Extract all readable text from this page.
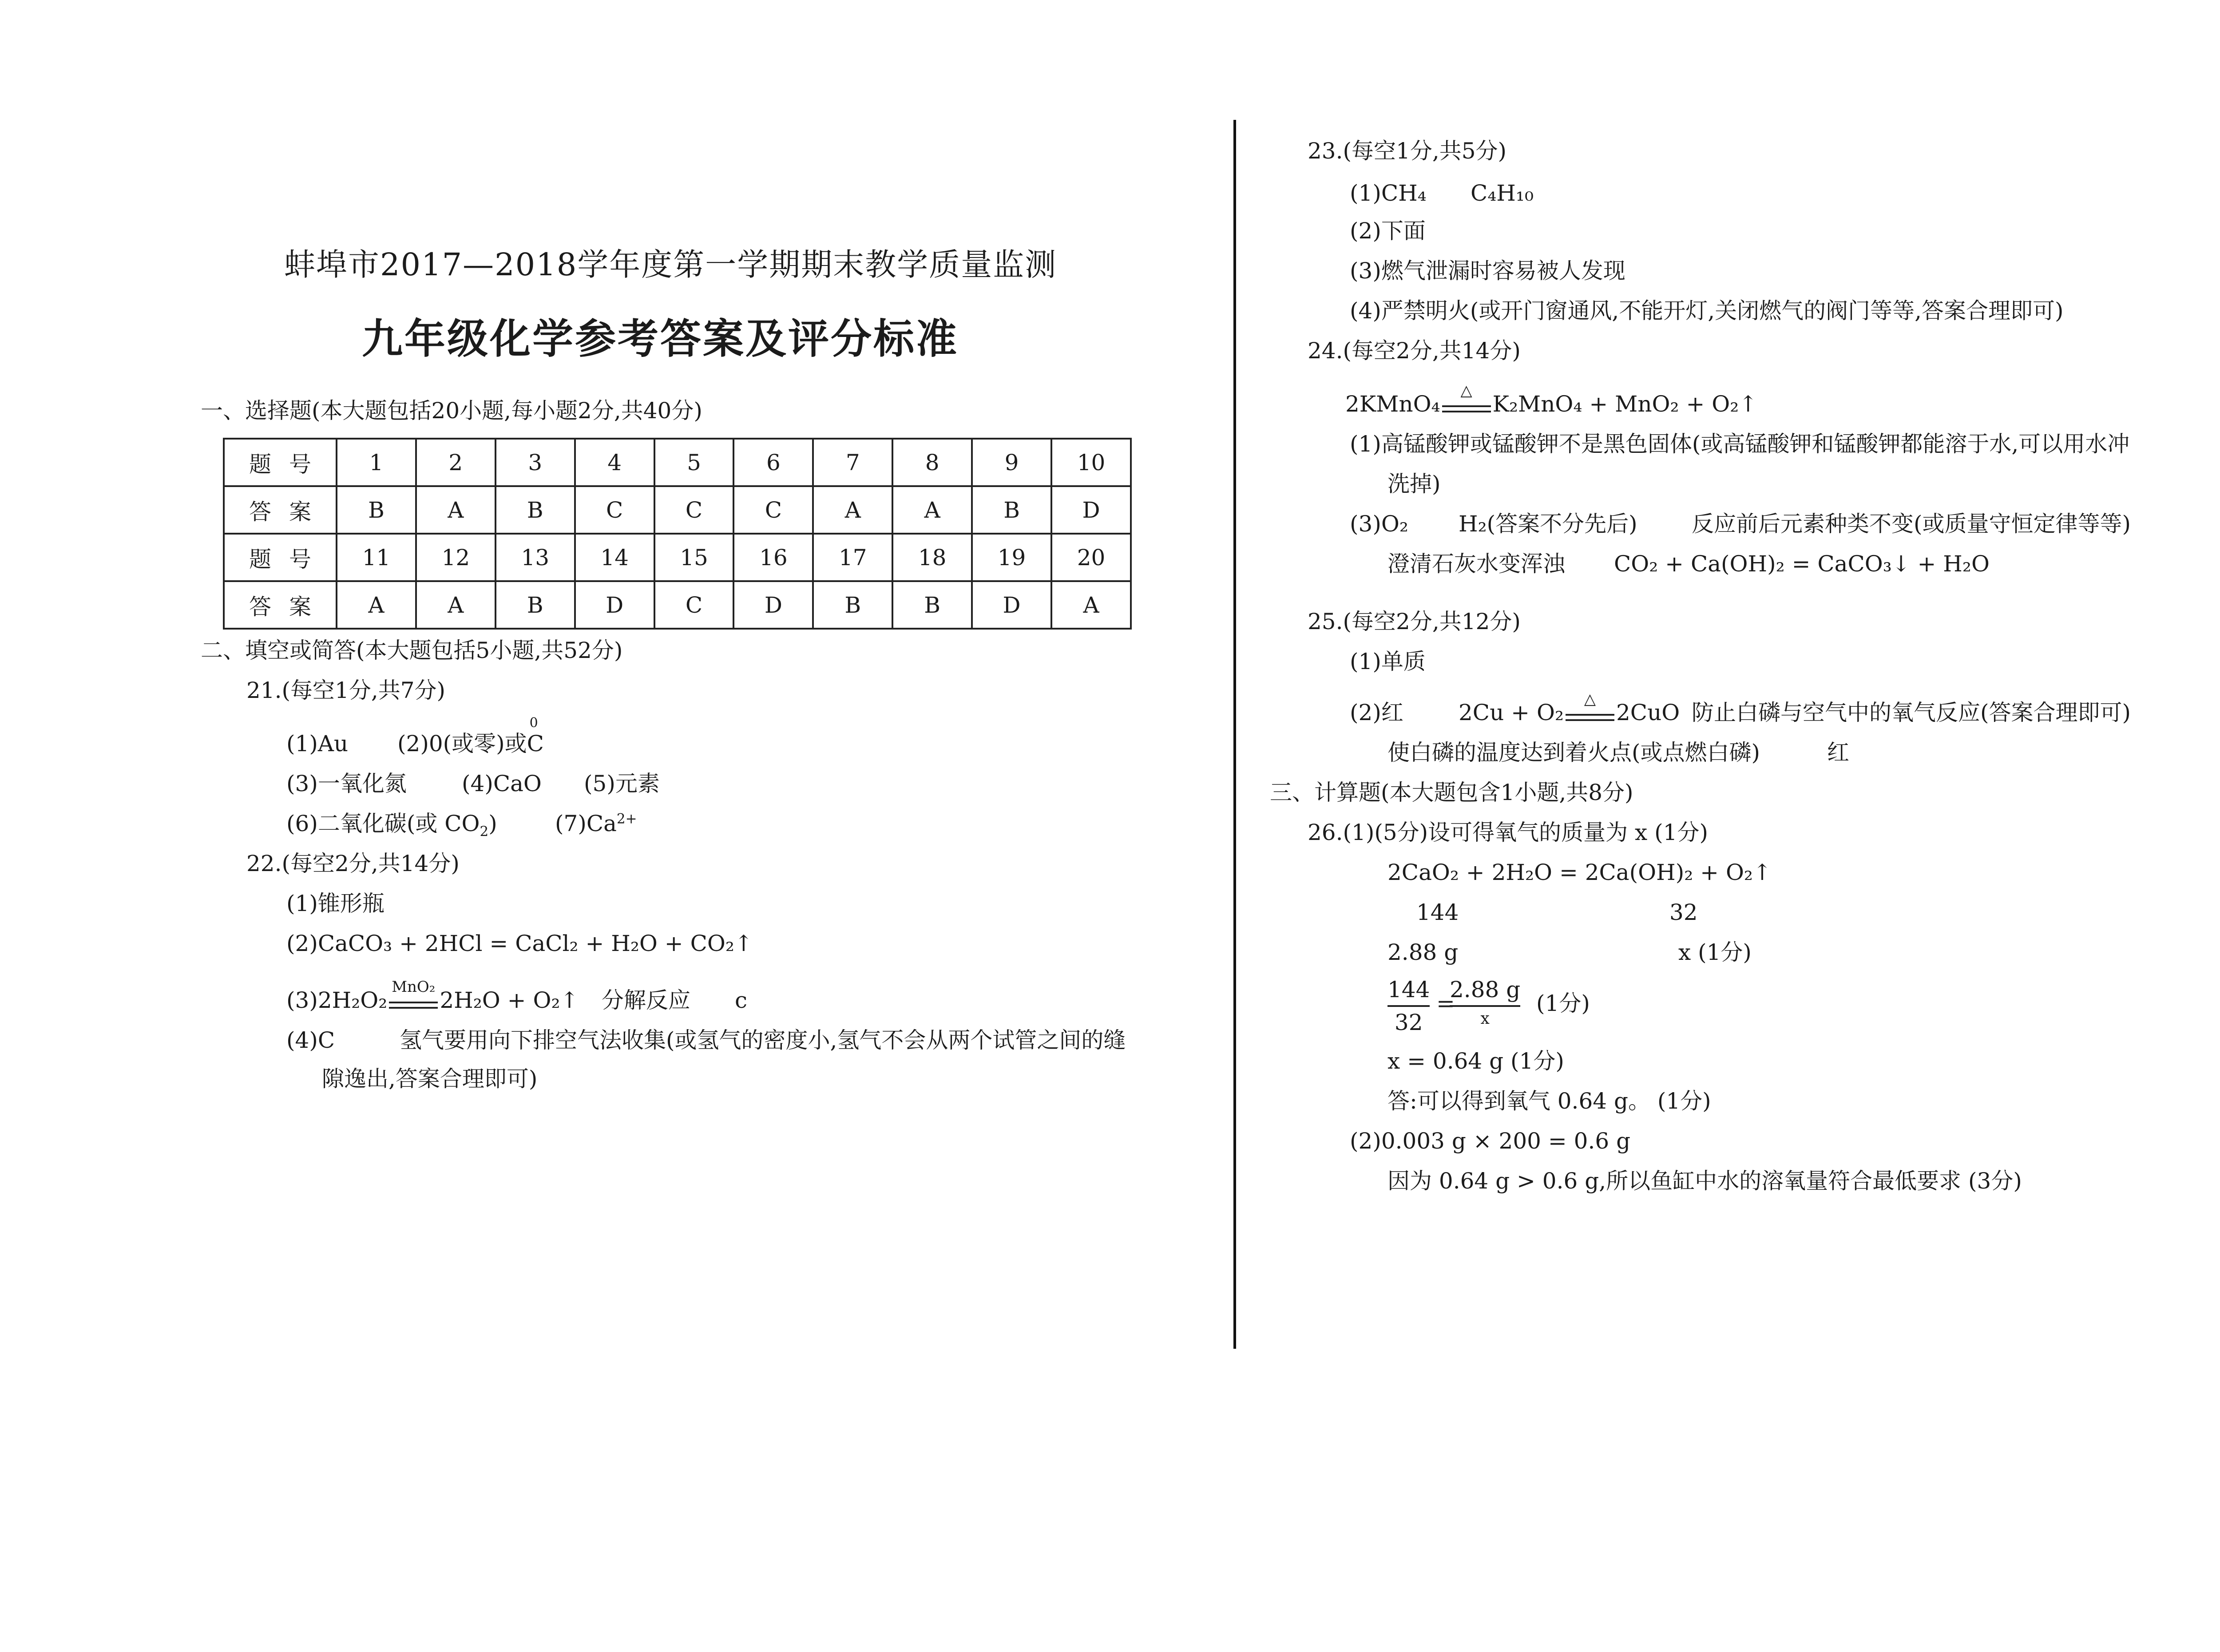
蚌埠市2017—2018学年度第一学期期末教学质量监测
九年级化学参考答案及评分标准
一、选择题(本大题包括20小题,每小题2分,共40分)
题号	1	2	3	4	5	6	7	8	9	10
答案	B	A	B	C	C	C	A	A	B	D
题号	11	12	13	14	15	16	17	18	19	20
答案	A	A	B	D	C	D	B	B	D	A
二、填空或简答(本大题包括5小题,共52分)
21.(每空1分,共7分)
(1)Au (2)0(或零)或
0
C
(3)一氧化氮 (4)CaO (5)元素
(6)二氧化碳(或 $CO_2$)	$(7)Ca^{2+}$
22.(每空2分,共14分)
(1)锥形瓶
(2)CaCO₃ + 2HCl = CaCl₂ + H₂O + CO₂↑
(3)2H₂O₂
MnO₂
2H₂O + O₂↑ 分解反应 c
(4)C	氢气要用向下排空气法收集(或氢气的密度小,氢气不会从两个试管之间的缝
隙逸出,答案合理即可)
23.(每空1分,共5分)
(1)CH₄ C₄H₁₀
(2)下面
(3)燃气泄漏时容易被人发现
(4)严禁明火(或开门窗通风,不能开灯,关闭燃气的阀门等等,答案合理即可)
24.(每空2分,共14分)
2KMnO₄
△
K₂MnO₄ + MnO₂ + O₂↑
(1)高锰酸钾或锰酸钾不是黑色固体(或高锰酸钾和锰酸钾都能溶于水,可以用水冲
洗掉)
(3)O₂ H₂(答案不分先后) 反应前后元素种类不变(或质量守恒定律等等)
澄清石灰水变浑浊 CO₂ + Ca(OH)₂ = CaCO₃↓ + H₂O
25.(每空2分,共12分)
(1)单质
(2)红 2Cu + O₂
△
2CuO 防止白磷与空气中的氧气反应(答案合理即可)
使白磷的温度达到着火点(或点燃白磷)	红
三、计算题(本大题包含1小题,共8分)
26.(1)(5分)设可得氧气的质量为 x (1分)
2CaO₂ + 2H₂O = 2Ca(OH)₂ + O₂↑
144	32
2.88 g	x (1分)
144
32
=
2.88 g
x
(1分)
x = 0.64 g (1分)
答:可以得到氧气 0.64 g。 (1分)
(2)0.003 g × 200 = 0.6 g
因为 0.64 g > 0.6 g,所以鱼缸中水的溶氧量符合最低要求 (3分)
